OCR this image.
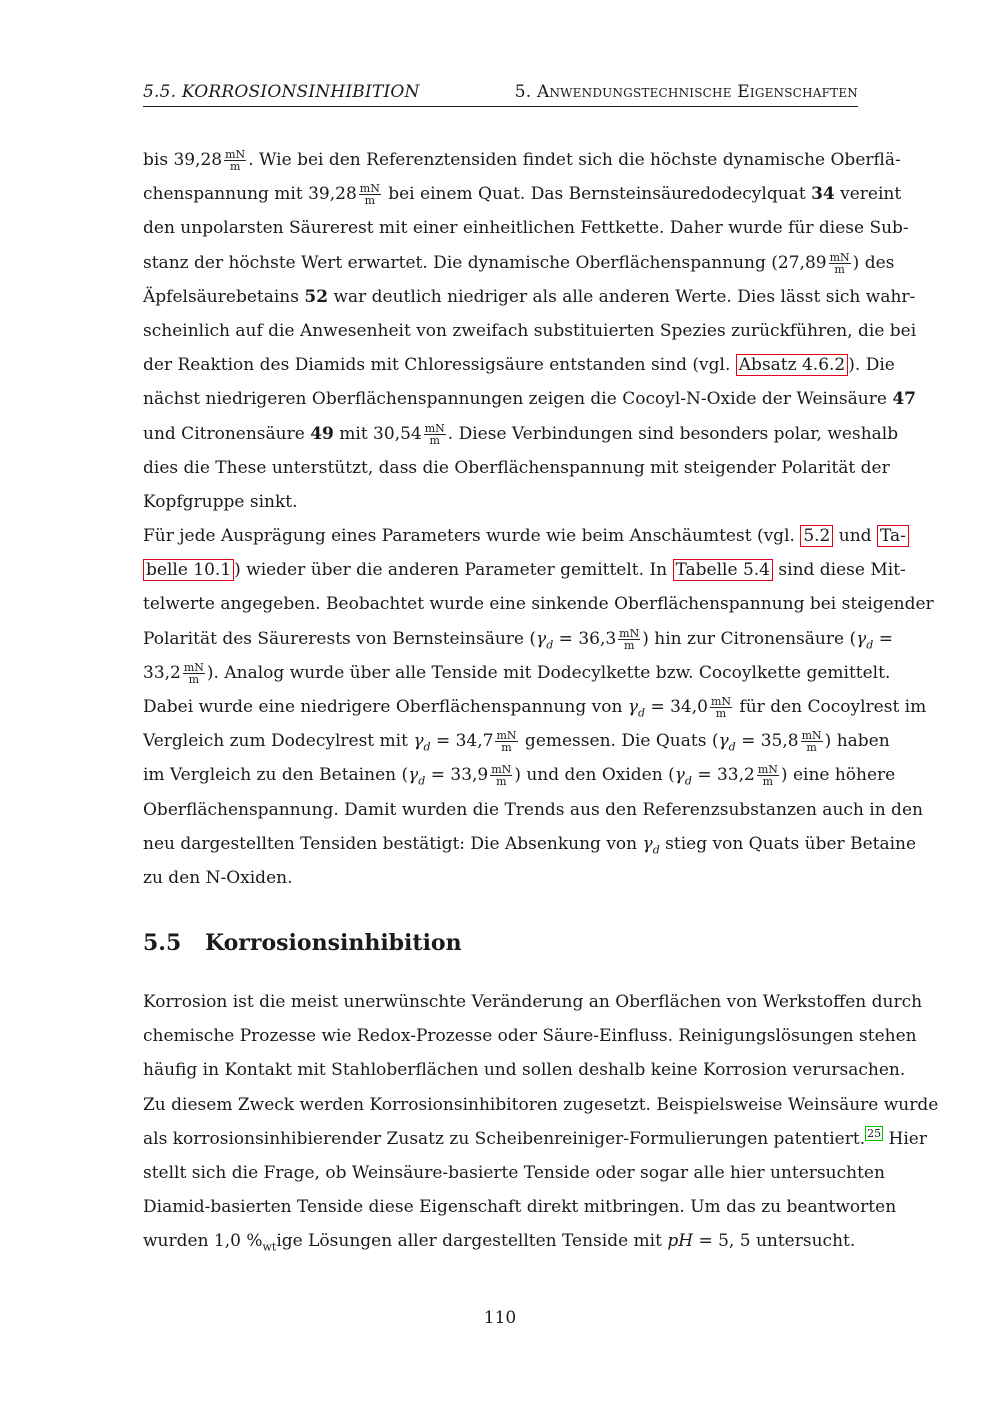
5.5. KORROSIONSINHIBITION	5. Anwendungstechnische Eigenschaften
bis $39,28 \frac{mN}{m}$ . Wie bei den Referenztensiden findet sich die höchste dynamische Oberflä-
chenspannung mit $39,28 \frac{mN}{m}$ bei einem Quat. Das Bernsteinsäuredodecylquat 34 vereint
den unpolarsten Säurerest mit einer einheitlichen Fettkette. Daher wurde für diese Sub-
stanz der höchste Wert erwartet. Die dynamische Oberflächenspannung ($27,89 \frac{mN}{m}$ ) des
Äpfelsäurebetains 52 war deutlich niedriger als alle anderen Werte. Dies lässt sich wahr-
scheinlich auf die Anwesenheit von zweifach substituierten Spezies zurückführen, die bei
der Reaktion des Diamids mit Chloressigsäure entstanden sind (vgl. Absatz 4.6.2 ). Die
nächst niedrigeren Oberflächenspannungen zeigen die Cocoyl-N-Oxide der Weinsäure 47
und Citronensäure 49 mit $30,54 \frac{mN}{m}$ . Diese Verbindungen sind besonders polar, weshalb
dies die These unterstützt, dass die Oberflächenspannung mit steigender Polarität der
Kopfgruppe sinkt.
Für jede Ausprägung eines Parameters wurde wie beim Anschäumtest (vgl. 5.2 und Ta-
belle 10.1 ) wieder über die anderen Parameter gemittelt. In Tabelle 5.4 sind diese Mit-
telwerte angegeben. Beobachtet wurde eine sinkende Oberflächenspannung bei steigender
Polarität des Säurerests von Bernsteinsäure ($\gamma_d = 36,3 \frac{mN}{m}$ ) hin zur Citronensäure ($\gamma_d$ =
$33,2 \frac{mN}{m}$ ). Analog wurde über alle Tenside mit Dodecylkette bzw. Cocoylkette gemittelt.
Dabei wurde eine niedrigere Oberflächenspannung von $\gamma_d = 34,0 \frac{mN}{m}$ für den Cocoylrest im
Vergleich zum Dodecylrest mit $\gamma_d = 34,7 \frac{mN}{m}$ gemessen. Die Quats ($\gamma_d = 35,8 \frac{mN}{m}$ ) haben
im Vergleich zu den Betainen ($\gamma_d = 33,9 \frac{mN}{m}$ ) und den Oxiden ($\gamma_d = 33,2 \frac{mN}{m}$ ) eine höhere
Oberflächenspannung. Damit wurden die Trends aus den Referenzsubstanzen auch in den
neu dargestellten Tensiden bestätigt: Die Absenkung von $\gamma_d$ stieg von Quats über Betaine
zu den N-Oxiden.
5.5 Korrosionsinhibition
Korrosion ist die meist unerwünschte Veränderung an Oberflächen von Werkstoffen durch
chemische Prozesse wie Redox-Prozesse oder Säure-Einfluss. Reinigungslösungen stehen
häufig in Kontakt mit Stahloberflächen und sollen deshalb keine Korrosion verursachen.
Zu diesem Zweck werden Korrosionsinhibitoren zugesetzt. Beispielsweise Weinsäure wurde
als korrosionsinhibierender Zusatz zu Scheibenreiniger-Formulierungen patentiert. $^{25}$ Hier
stellt sich die Frage, ob Weinsäure-basierte Tenside oder sogar alle hier untersuchten
Diamid-basierten Tenside diese Eigenschaft direkt mitbringen. Um das zu beantworten
wurden 1,0 $\%_{wt}ige$ Lösungen aller dargestellten Tenside mit pH = 5, 5 untersucht.
110
